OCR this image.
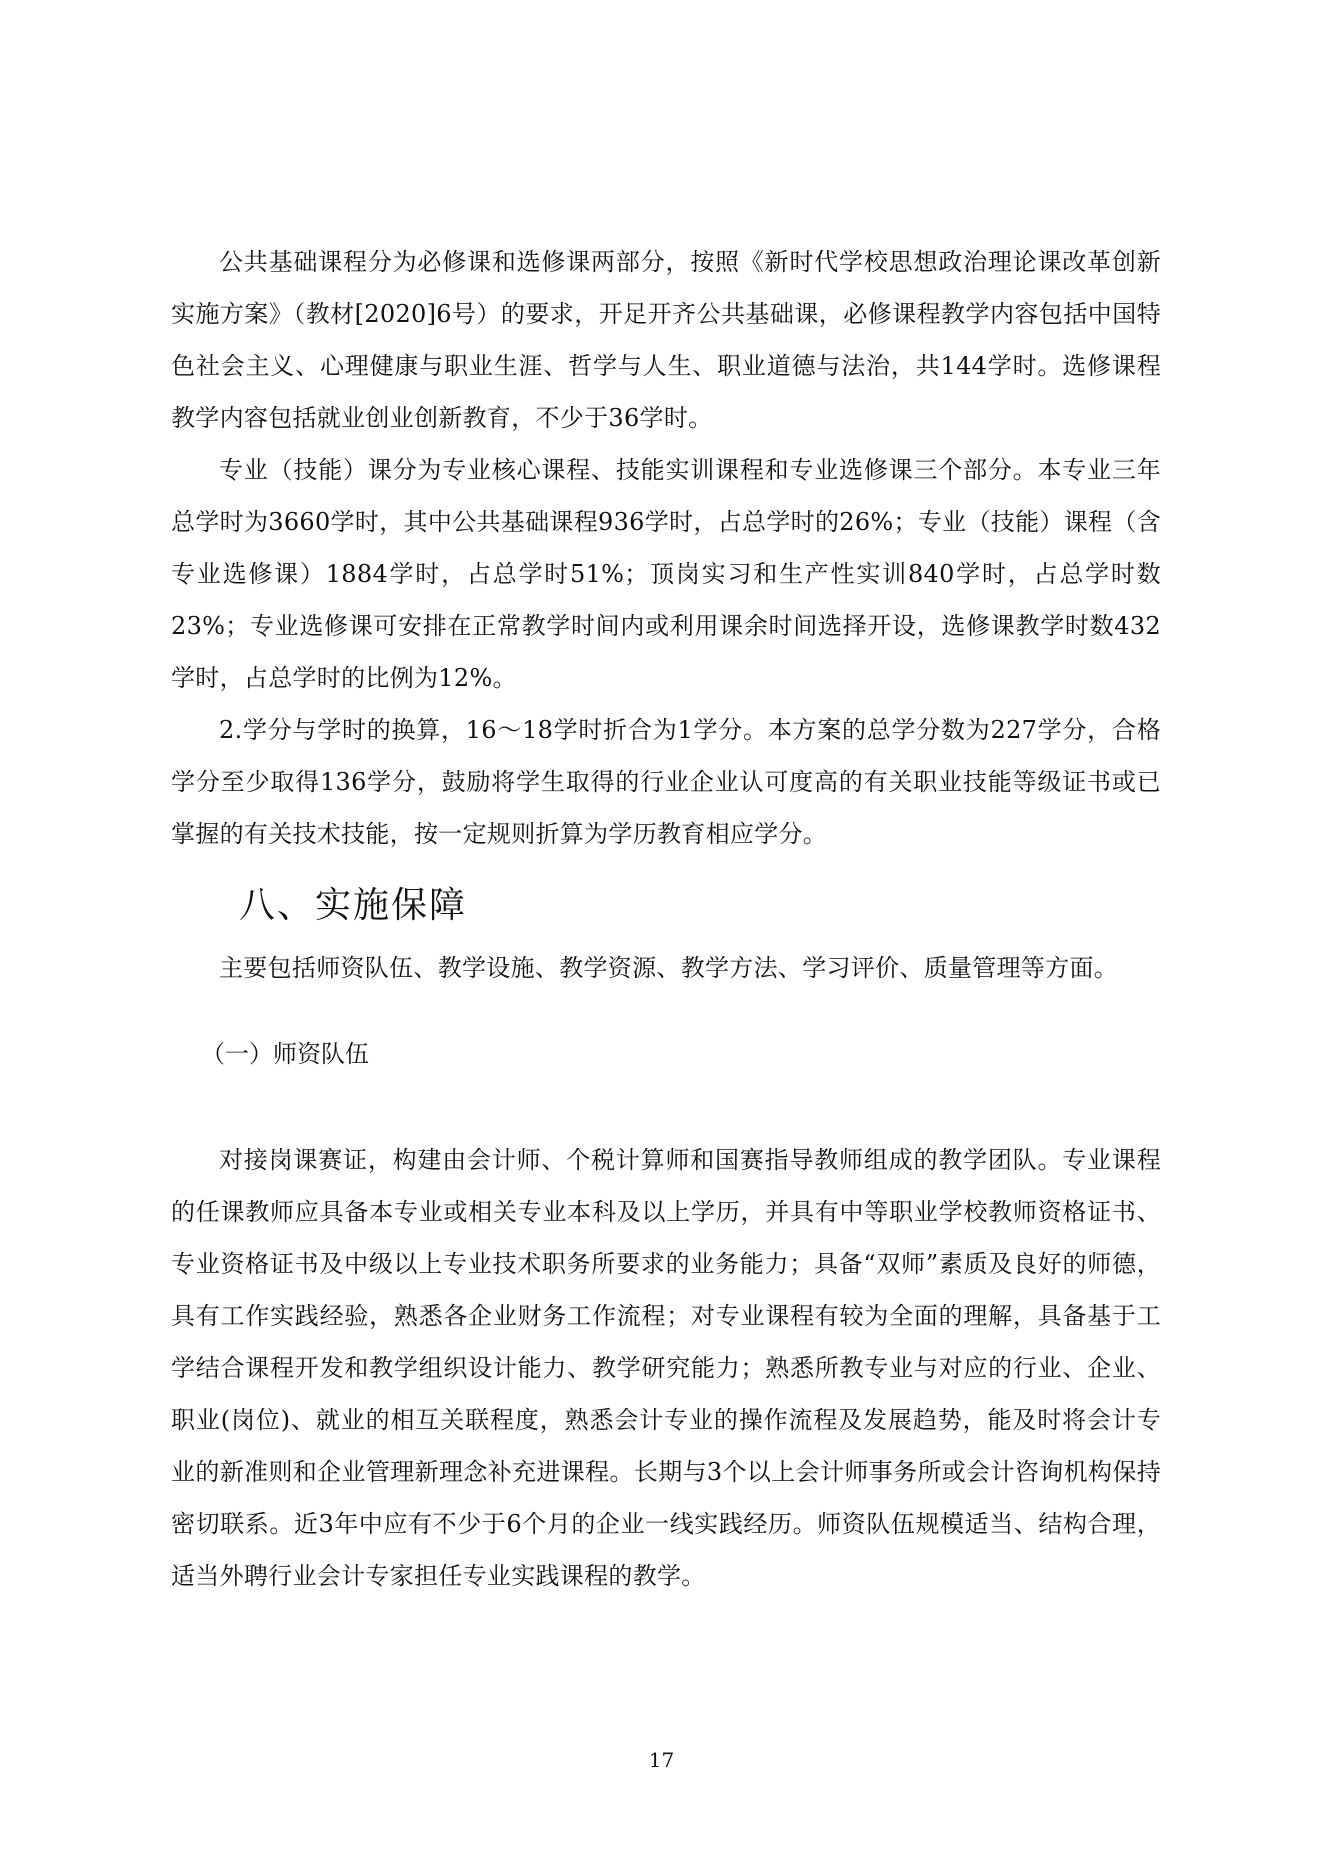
公共基础课程分为必修课和选修课两部分，按照《新时代学校思想政治理论课改革创新实施方案》（教材[2020]6号）的要求，开足开齐公共基础课，必修课程教学内容包括中国特色社会主义、心理健康与职业生涯、哲学与人生、职业道德与法治，共144学时。选修课程教学内容包括就业创业创新教育，不少于36学时。

专业（技能）课分为专业核心课程、技能实训课程和专业选修课三个部分。本专业三年总学时为3660学时，其中公共基础课程936学时，占总学时的26%；专业（技能）课程（含专业选修课）1884学时，占总学时51%；顶岗实习和生产性实训840学时，占总学时数23%；专业选修课可安排在正常教学时间内或利用课余时间选择开设，选修课教学时数432学时，占总学时的比例为12%。

2.学分与学时的换算，16～18学时折合为1学分。本方案的总学分数为227学分，合格学分至少取得136学分，鼓励将学生取得的行业企业认可度高的有关职业技能等级证书或已掌握的有关技术技能，按一定规则折算为学历教育相应学分。

八、实施保障

主要包括师资队伍、教学设施、教学资源、教学方法、学习评价、质量管理等方面。

（一）师资队伍

对接岗课赛证，构建由会计师、个税计算师和国赛指导教师组成的教学团队。专业课程的任课教师应具备本专业或相关专业本科及以上学历，并具有中等职业学校教师资格证书、专业资格证书及中级以上专业技术职务所要求的业务能力；具备“双师”素质及良好的师德，具有工作实践经验，熟悉各企业财务工作流程；对专业课程有较为全面的理解，具备基于工学结合课程开发和教学组织设计能力、教学研究能力；熟悉所教专业与对应的行业、企业、职业(岗位)、就业的相互关联程度，熟悉会计专业的操作流程及发展趋势，能及时将会计专业的新准则和企业管理新理念补充进课程。长期与3个以上会计师事务所或会计咨询机构保持密切联系。近3年中应有不少于6个月的企业一线实践经历。师资队伍规模适当、结构合理，适当外聘行业会计专家担任专业实践课程的教学。

17
